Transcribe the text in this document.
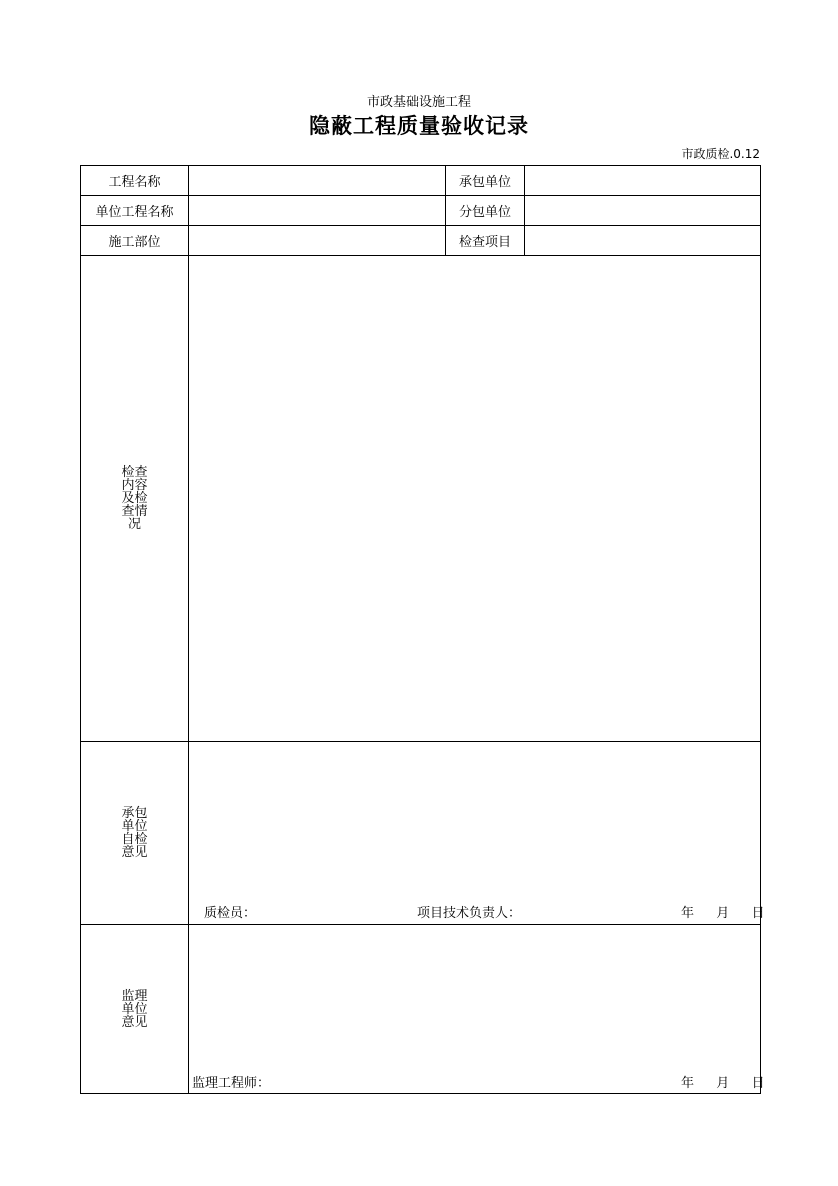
市政基础设施工程
隐蔽工程质量验收记录
市政质检.0.12
工程名称	承包单位
单位工程名称	分包单位
施工部位	检查项目
检查
内容
及检
查情
况
承包
单位
自检
意见
质检员：	项目技术负责人：	年 月 日
监理
单位
意见
监理工程师：	年 月 日
